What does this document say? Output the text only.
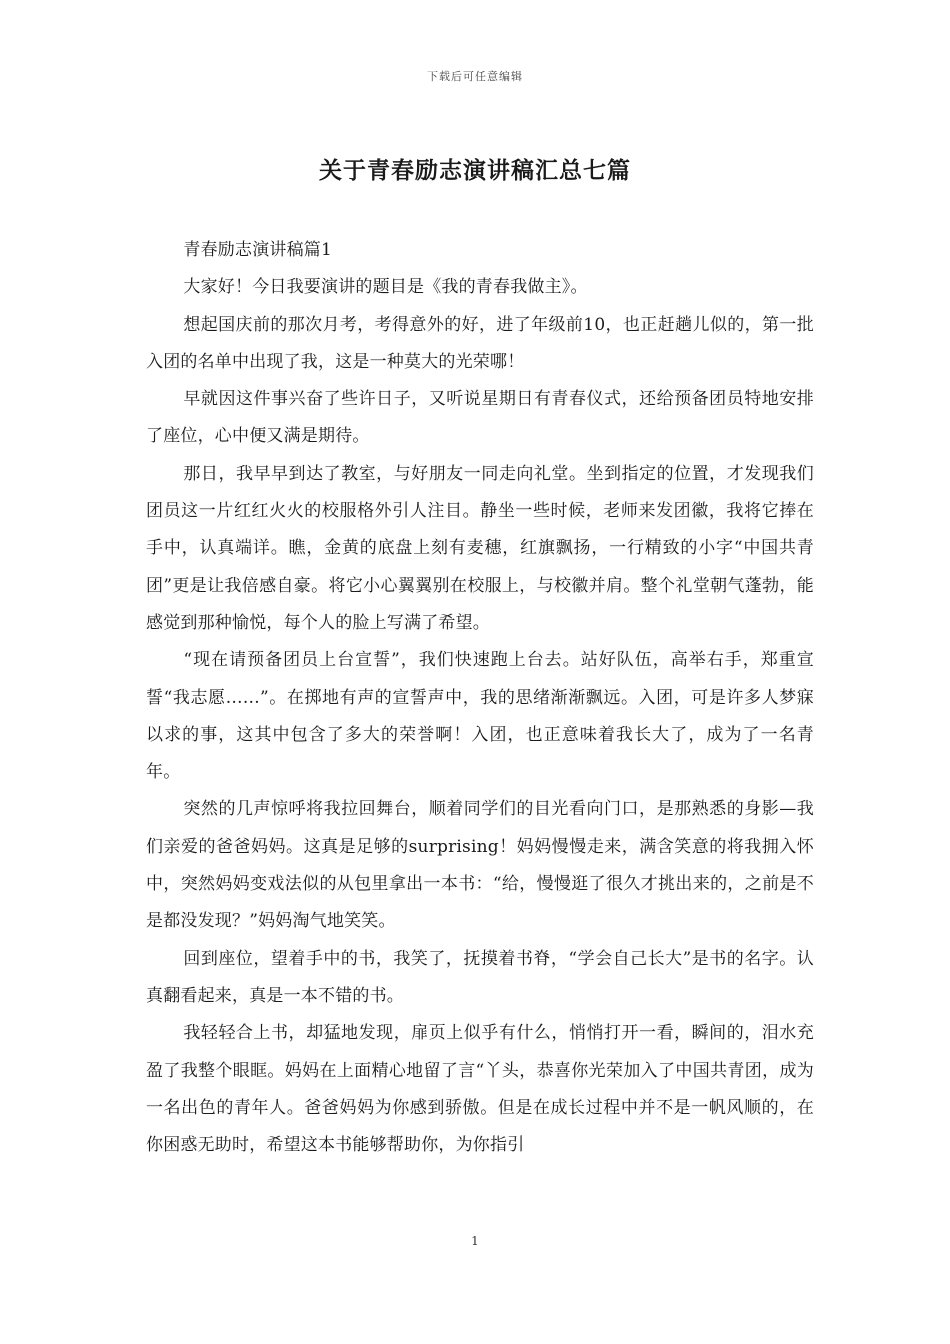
下载后可任意编辑
关于青春励志演讲稿汇总七篇

青春励志演讲稿篇1

大家好！今日我要演讲的题目是《我的青春我做主》。

想起国庆前的那次月考，考得意外的好，进了年级前10，也正赶趟儿似的，第一批入团的名单中出现了我，这是一种莫大的光荣哪！

早就因这件事兴奋了些许日子，又听说星期日有青春仪式，还给预备团员特地安排了座位，心中便又满是期待。

那日，我早早到达了教室，与好朋友一同走向礼堂。坐到指定的位置，才发现我们团员这一片红红火火的校服格外引人注目。静坐一些时候，老师来发团徽，我将它捧在手中，认真端详。瞧，金黄的底盘上刻有麦穗，红旗飘扬，一行精致的小字“中国共青团”更是让我倍感自豪。将它小心翼翼别在校服上，与校徽并肩。整个礼堂朝气蓬勃，能感觉到那种愉悦，每个人的脸上写满了希望。

“现在请预备团员上台宣誓”，我们快速跑上台去。站好队伍，高举右手，郑重宣誓“我志愿……”。在掷地有声的宣誓声中，我的思绪渐渐飘远。入团，可是许多人梦寐以求的事，这其中包含了多大的荣誉啊！入团，也正意味着我长大了，成为了一名青年。

突然的几声惊呼将我拉回舞台，顺着同学们的目光看向门口，是那熟悉的身影—我们亲爱的爸爸妈妈。这真是足够的surprising！妈妈慢慢走来，满含笑意的将我拥入怀中，突然妈妈变戏法似的从包里拿出一本书：“给，慢慢逛了很久才挑出来的，之前是不是都没发现？”妈妈淘气地笑笑。

回到座位，望着手中的书，我笑了，抚摸着书脊，“学会自己长大”是书的名字。认真翻看起来，真是一本不错的书。

我轻轻合上书，却猛地发现，扉页上似乎有什么，悄悄打开一看，瞬间的，泪水充盈了我整个眼眶。妈妈在上面精心地留了言“丫头，恭喜你光荣加入了中国共青团，成为一名出色的青年人。爸爸妈妈为你感到骄傲。但是在成长过程中并不是一帆风顺的，在你困惑无助时，希望这本书能够帮助你，为你指引

1
